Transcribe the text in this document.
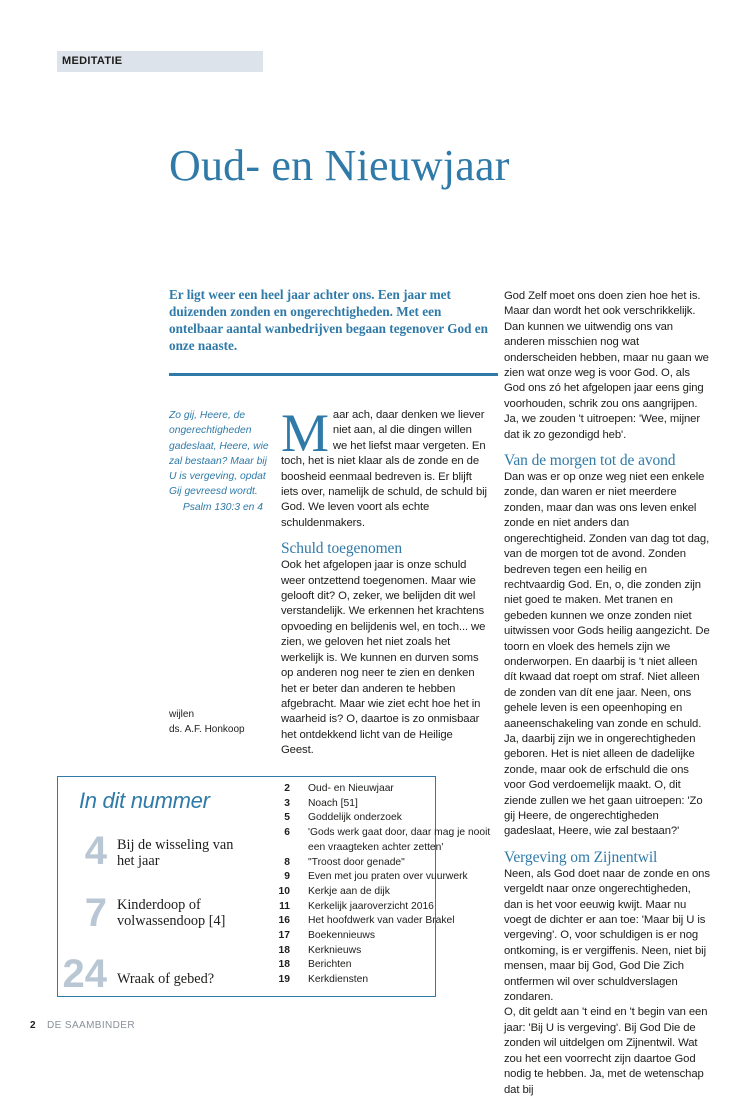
MEDITATIE
Oud- en Nieuwjaar

Er ligt weer een heel jaar achter ons. Een jaar met duizenden zonden en ongerechtigheden. Met een ontelbaar aantal wanbedrijven begaan tegenover God en onze naaste.

Zo gij, Heere, de ongerechtigheden gadeslaat, Heere, wie zal bestaan? Maar bij U is vergeving, opdat Gij gevreesd wordt.
Psalm 130:3 en 4

wijlen
ds. A.F. Honkoop

Maar ach, daar denken we liever niet aan, al die dingen willen we het liefst maar vergeten. En toch, het is niet klaar als de zonde en de boosheid eenmaal bedreven is. Er blijft iets over, namelijk de schuld, de schuld bij God. We leven voort als echte schuldenmakers.

Schuld toegenomen

Ook het afgelopen jaar is onze schuld weer ontzettend toegenomen. Maar wie gelooft dit? O, zeker, we belijden dit wel verstandelijk. We erkennen het krachtens opvoeding en belijdenis wel, en toch... we zien, we geloven het niet zoals het werkelijk is. We kunnen en durven soms op anderen nog neer te zien en denken het er beter dan anderen te hebben afgebracht. Maar wie ziet echt hoe het in waarheid is? O, daartoe is zo onmisbaar het ontdekkend licht van de Heilige Geest.

God Zelf moet ons doen zien hoe het is. Maar dan wordt het ook verschrikkelijk. Dan kunnen we uitwendig ons van anderen misschien nog wat onderscheiden hebben, maar nu gaan we zien wat onze weg is voor God. O, als God ons zó het afgelopen jaar eens ging voorhouden, schrik zou ons aangrijpen. Ja, we zouden 't uitroepen: 'Wee, mijner dat ik zo gezondigd heb'.

Van de morgen tot de avond

Dan was er op onze weg niet een enkele zonde, dan waren er niet meerdere zonden, maar dan was ons leven enkel zonde en niet anders dan ongerechtigheid. Zonden van dag tot dag, van de morgen tot de avond. Zonden bedreven tegen een heilig en rechtvaardig God. En, o, die zonden zijn niet goed te maken. Met tranen en gebeden kunnen we onze zonden niet uitwissen voor Gods heilig aangezicht. De toorn en vloek des hemels zijn we onderworpen. En daarbij is 't niet alleen dít kwaad dat roept om straf. Niet alleen de zonden van dít ene jaar. Neen, ons gehele leven is een opeenhoping en aaneenschakeling van zonde en schuld. Ja, daarbij zijn we in ongerechtigheden geboren. Het is niet alleen de dadelijke zonde, maar ook de erfschuld die ons voor God verdoemelijk maakt. O, dit ziende zullen we het gaan uitroepen: 'Zo gij Heere, de ongerechtigheden gadeslaat, Heere, wie zal bestaan?'

Vergeving om Zijnentwil

Neen, als God doet naar de zonde en ons vergeldt naar onze ongerechtigheden, dan is het voor eeuwig kwijt. Maar nu voegt de dichter er aan toe: 'Maar bij U is vergeving'. O, voor schuldigen is er nog ontkoming, is er vergiffenis. Neen, niet bij mensen, maar bij God, God Die Zich ontfermen wil over schuldverslagen zondaren.

O, dit geldt aan 't eind en 't begin van een jaar: 'Bij U is vergeving'. Bij God Die de zonden wil uitdelgen om Zijnentwil. Wat zou het een voorrecht zijn daartoe God nodig te hebben. Ja, met de wetenschap dat bij

In dit nummer
4 Bij de wisseling van het jaar
7 Kinderdoop of volwassendoop [4]
24 Wraak of gebed?
2 Oud- en Nieuwjaar
3 Noach [51]
5 Goddelijk onderzoek
6 'Gods werk gaat door, daar mag je nooit een vraagteken achter zetten'
8 "Troost door genade"
9 Even met jou praten over vuurwerk
10 Kerkje aan de dijk
11 Kerkelijk jaaroverzicht 2016
16 Het hoofdwerk van vader Brakel
17 Boekennieuws
18 Kerknieuws
18 Berichten
19 Kerkdiensten
2 DE SAAMBINDER
